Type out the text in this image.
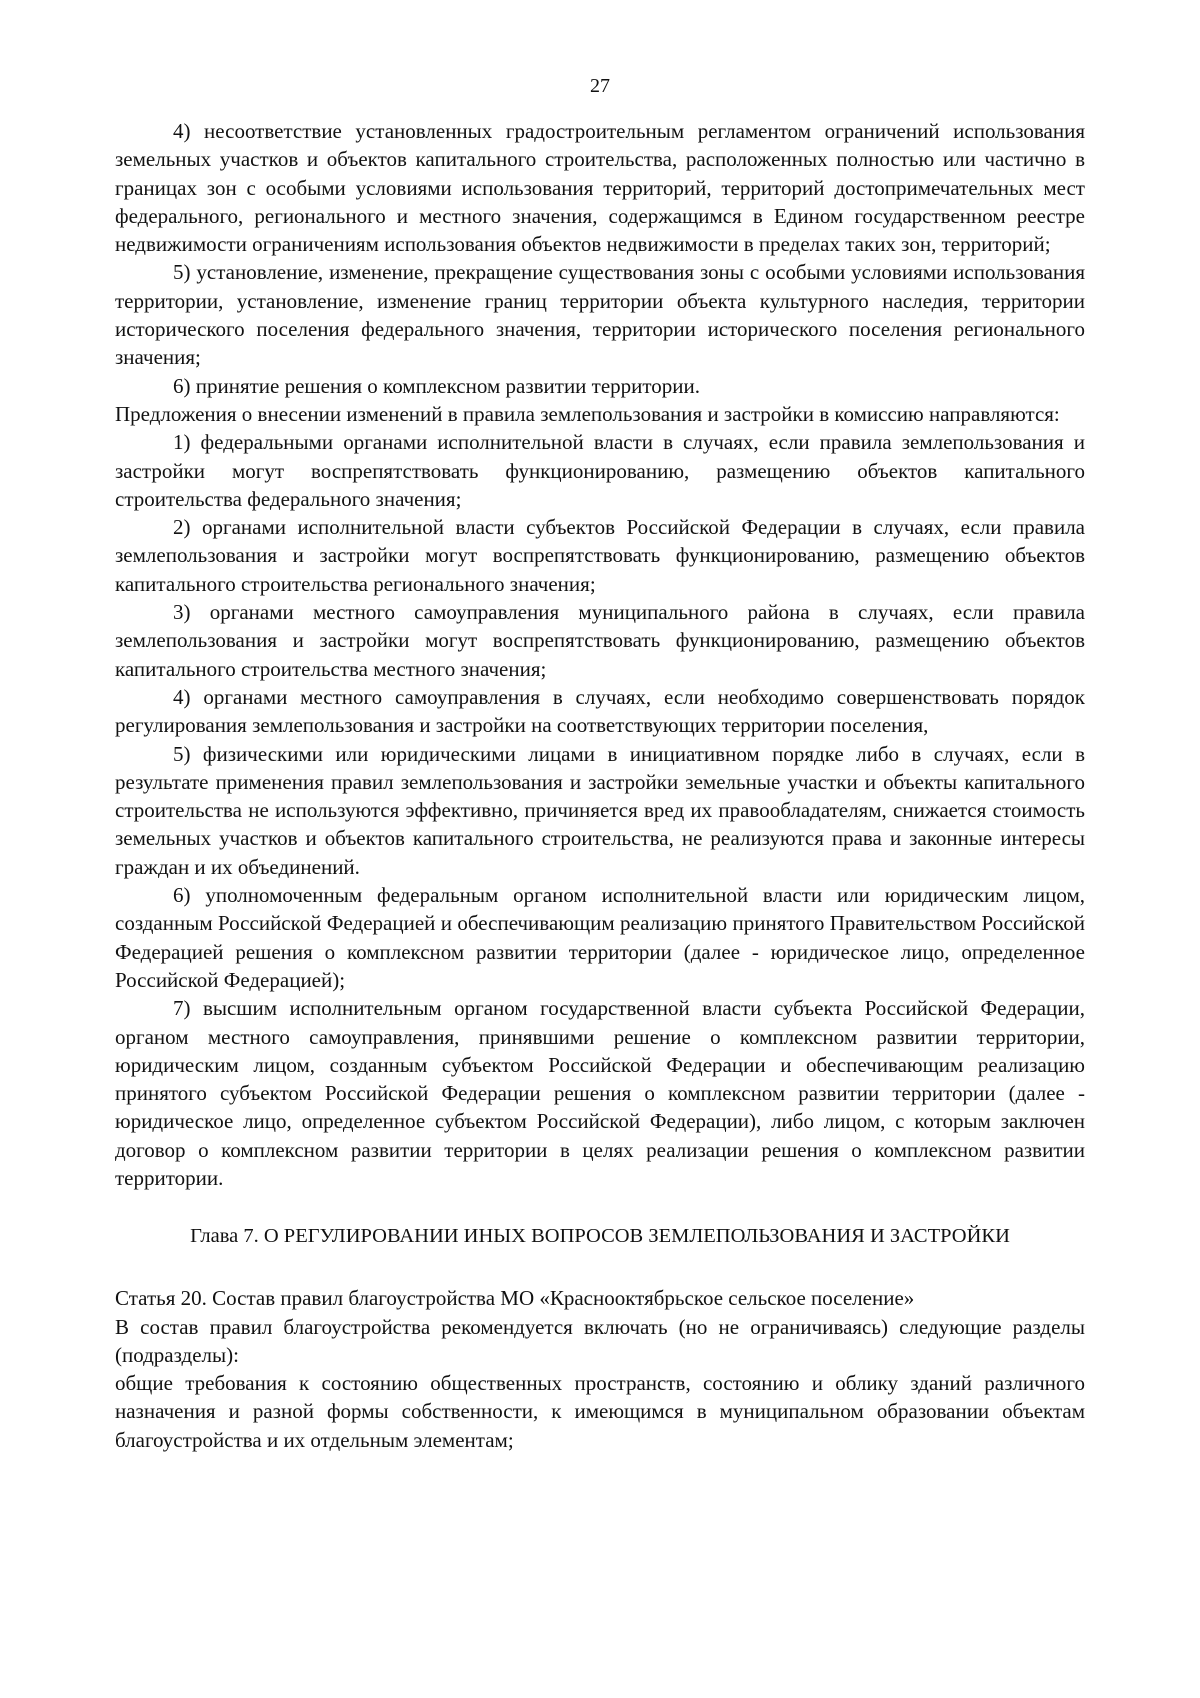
27

4) несоответствие установленных градостроительным регламентом ограничений использования земельных участков и объектов капитального строительства, расположенных полностью или частично в границах зон с особыми условиями использования территорий, территорий достопримечательных мест федерального, регионального и местного значения, содержащимся в Едином государственном реестре недвижимости ограничениям использования объектов недвижимости в пределах таких зон, территорий;

5) установление, изменение, прекращение существования зоны с особыми условиями использования территории, установление, изменение границ территории объекта культурного наследия, территории исторического поселения федерального значения, территории исторического поселения регионального значения;

6) принятие решения о комплексном развитии территории.

Предложения о внесении изменений в правила землепользования и застройки в комиссию направляются:

1) федеральными органами исполнительной власти в случаях, если правила землепользования и застройки могут воспрепятствовать функционированию, размещению объектов капитального строительства федерального значения;

2) органами исполнительной власти субъектов Российской Федерации в случаях, если правила землепользования и застройки могут воспрепятствовать функционированию, размещению объектов капитального строительства регионального значения;

3) органами местного самоуправления муниципального района в случаях, если правила землепользования и застройки могут воспрепятствовать функционированию, размещению объектов капитального строительства местного значения;

4) органами местного самоуправления в случаях, если необходимо совершенствовать порядок регулирования землепользования и застройки на соответствующих территории поселения,

5) физическими или юридическими лицами в инициативном порядке либо в случаях, если в результате применения правил землепользования и застройки земельные участки и объекты капитального строительства не используются эффективно, причиняется вред их правообладателям, снижается стоимость земельных участков и объектов капитального строительства, не реализуются права и законные интересы граждан и их объединений.

6) уполномоченным федеральным органом исполнительной власти или юридическим лицом, созданным Российской Федерацией и обеспечивающим реализацию принятого Правительством Российской Федерацией решения о комплексном развитии территории (далее - юридическое лицо, определенное Российской Федерацией);

7) высшим исполнительным органом государственной власти субъекта Российской Федерации, органом местного самоуправления, принявшими решение о комплексном развитии территории, юридическим лицом, созданным субъектом Российской Федерации и обеспечивающим реализацию принятого субъектом Российской Федерации решения о комплексном развитии территории (далее - юридическое лицо, определенное субъектом Российской Федерации), либо лицом, с которым заключен договор о комплексном развитии территории в целях реализации решения о комплексном развитии территории.

Глава 7. О РЕГУЛИРОВАНИИ ИНЫХ ВОПРОСОВ ЗЕМЛЕПОЛЬЗОВАНИЯ И ЗАСТРОЙКИ

Статья 20. Состав правил благоустройства МО «Краснооктябрьское сельское поселение»

В состав правил благоустройства рекомендуется включать (но не ограничиваясь) следующие разделы (подразделы):

общие требования к состоянию общественных пространств, состоянию и облику зданий различного назначения и разной формы собственности, к имеющимся в муниципальном образовании объектам благоустройства и их отдельным элементам;
